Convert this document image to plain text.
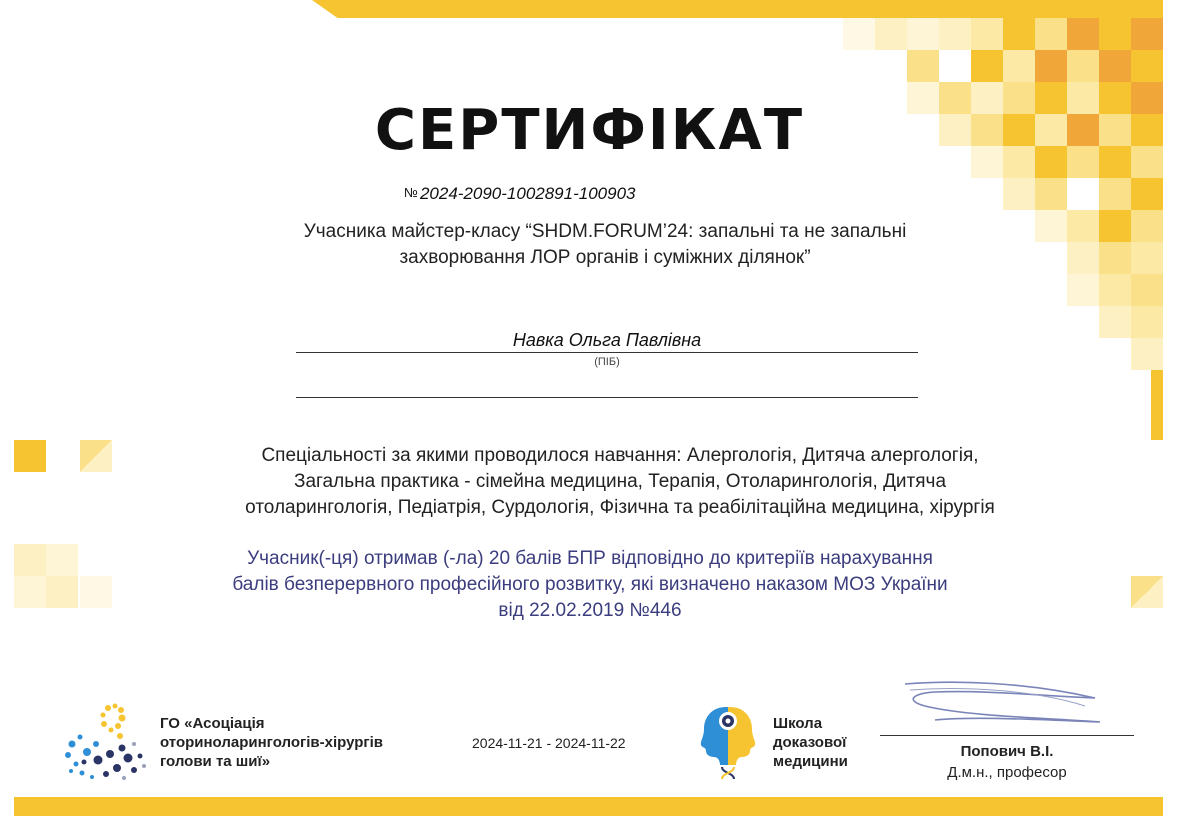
СЕРТИФІКАТ
№ 2024-2090-1002891-100903
Учасника майстер-класу “SHDM.FORUM’24: запальні та не запальні
захворювання ЛОР органів і суміжних ділянок”
Навка Ольга Павлівна
(ПІБ)
Спеціальності за якими проводилося навчання: Алергологія, Дитяча алергологія,
Загальна практика - сімейна медицина, Терапія, Отоларингологія, Дитяча
отоларингологія, Педіатрія, Сурдологія, Фізична та реабілітаційна медицина, хірургія
Учасник(-ця) отримав (-ла) 20 балів БПР відповідно до критеріїв нарахування
балів безперервного професійного розвитку, які визначено наказом МОЗ України
від 22.02.2019 №446
ГО «Асоціація
оториноларингологів-хірургів
голови та шиї»
2024-11-21 - 2024-11-22
Школа
доказової
медицини
Попович В.І.
Д.м.н., професор
